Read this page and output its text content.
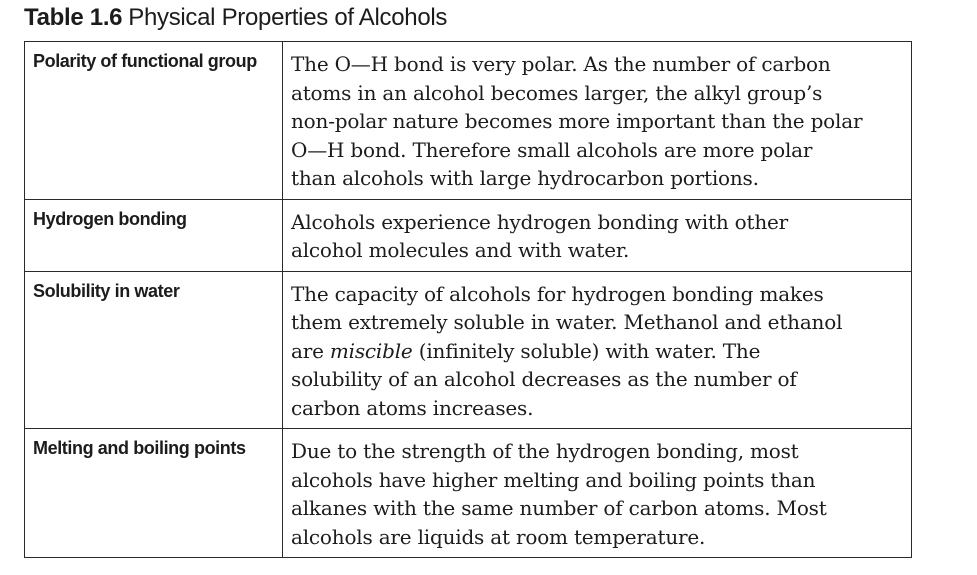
Table 1.6 Physical Properties of Alcohols
Polarity of functional group	The O—H bond is very polar. As the number of carbon
atoms in an alcohol becomes larger, the alkyl group’s
non-polar nature becomes more important than the polar
O—H bond. Therefore small alcohols are more polar
than alcohols with large hydrocarbon portions.
Hydrogen bonding	Alcohols experience hydrogen bonding with other
alcohol molecules and with water.
Solubility in water	The capacity of alcohols for hydrogen bonding makes
them extremely soluble in water. Methanol and ethanol
are miscible (infinitely soluble) with water. The
solubility of an alcohol decreases as the number of
carbon atoms increases.
Melting and boiling points	Due to the strength of the hydrogen bonding, most
alcohols have higher melting and boiling points than
alkanes with the same number of carbon atoms. Most
alcohols are liquids at room temperature.
